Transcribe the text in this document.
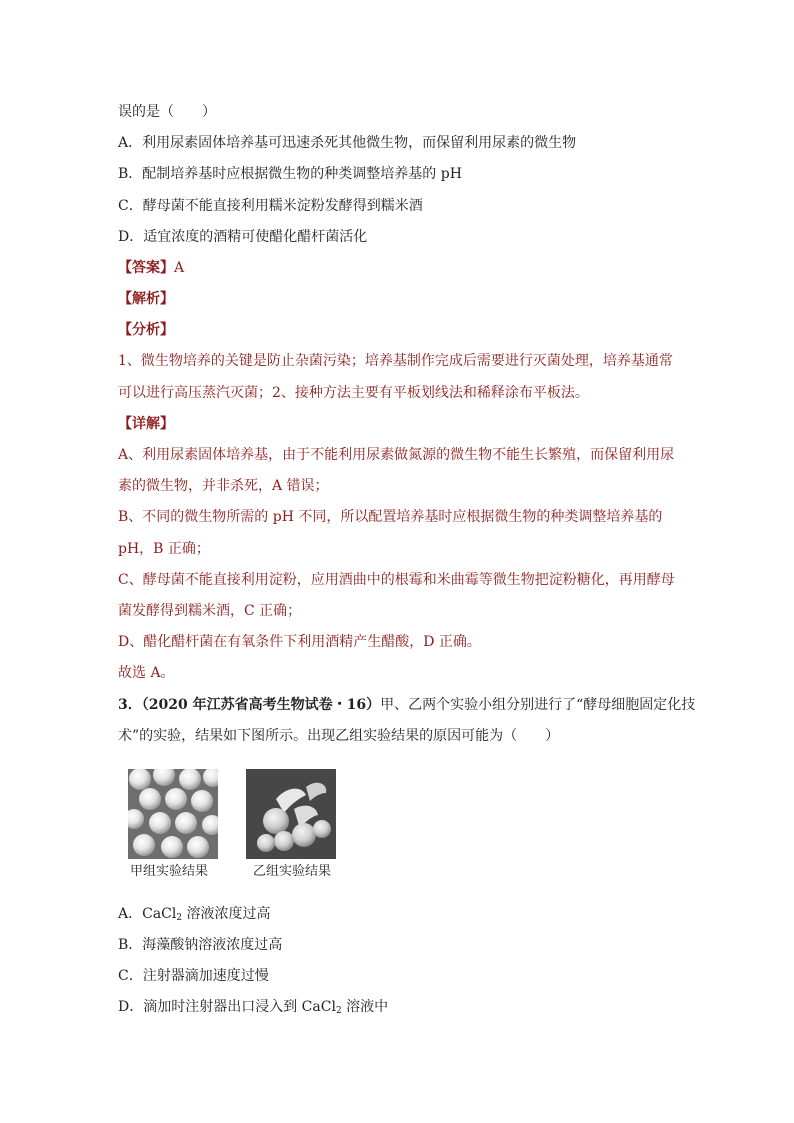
误的是（　　）
A．利用尿素固体培养基可迅速杀死其他微生物，而保留利用尿素的微生物
B．配制培养基时应根据微生物的种类调整培养基的 pH
C．酵母菌不能直接利用糯米淀粉发酵得到糯米酒
D．适宜浓度的酒精可使醋化醋杆菌活化
【答案】A
【解析】
【分析】
1、微生物培养的关键是防止杂菌污染；培养基制作完成后需要进行灭菌处理，培养基通常
可以进行高压蒸汽灭菌；2、接种方法主要有平板划线法和稀释涂布平板法。
【详解】
A、利用尿素固体培养基，由于不能利用尿素做氮源的微生物不能生长繁殖，而保留利用尿
素的微生物，并非杀死，A 错误；
B、不同的微生物所需的 pH 不同，所以配置培养基时应根据微生物的种类调整培养基的
pH，B 正确；
C、酵母菌不能直接利用淀粉，应用酒曲中的根霉和米曲霉等微生物把淀粉糖化，再用酵母
菌发酵得到糯米酒，C 正确；
D、醋化醋杆菌在有氧条件下利用酒精产生醋酸，D 正确。
故选 A。
3．（2020 年江苏省高考生物试卷・16）甲、乙两个实验小组分别进行了“酵母细胞固定化技
术”的实验，结果如下图所示。出现乙组实验结果的原因可能为（　　）
甲组实验结果	乙组实验结果
A．CaCl$_2$ 溶液浓度过高
B．海藻酸钠溶液浓度过高
C．注射器滴加速度过慢
D．滴加时注射器出口浸入到 CaCl$_2$ 溶液中
